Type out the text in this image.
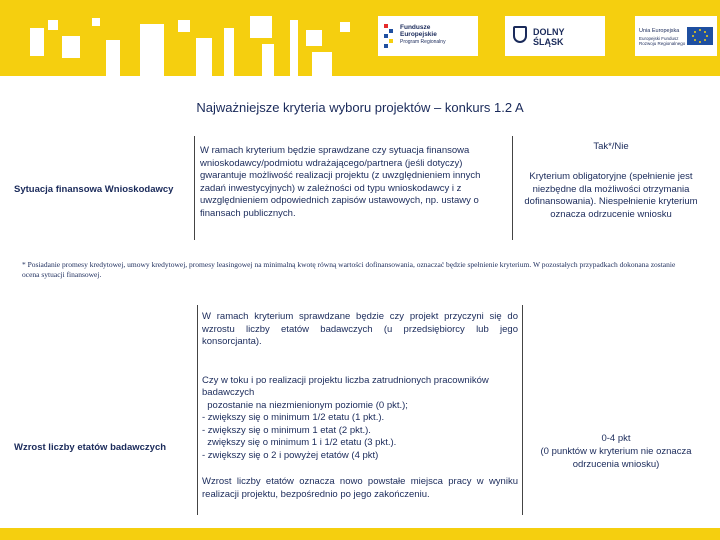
Fundusze
Europejskie
Program Regionalny
DOLNY
ŚLĄSK
Unia Europejska
Europejski Fundusz
Rozwoju Regionalnego
Najważniejsze kryteria wyboru projektów – konkurs 1.2 A
Sytuacja finansowa Wnioskodawcy
W ramach kryterium będzie sprawdzane czy sytuacja finansowa wnioskodawcy/podmiotu wdrażającego/partnera (jeśli dotyczy) gwarantuje możliwość realizacji projektu (z uwzględnieniem innych zadań inwestycyjnych) w zależności od typu wnioskodawcy i z uwzględnieniem odpowiednich zapisów ustawowych, np. ustawy o finansach publicznych.
Tak*/Nie
Kryterium obligatoryjne (spełnienie jest niezbędne dla możliwości otrzymania dofinansowania). Niespełnienie kryterium oznacza odrzucenie wniosku
* Posiadanie promesy kredytowej, umowy kredytowej, promesy leasingowej na minimalną kwotę równą wartości dofinansowania, oznaczać będzie spełnienie kryterium. W pozostałych przypadkach dokonana zostanie ocena sytuacji finansowej.
Wzrost liczby etatów badawczych
W ramach kryterium sprawdzane będzie czy projekt przyczyni się do wzrostu liczby etatów badawczych (u przedsiębiorcy lub jego konsorcjanta).
Czy w toku i po realizacji projektu liczba zatrudnionych pracowników badawczych
pozostanie na niezmienionym poziomie (0 pkt.);
- zwiększy się o minimum 1/2 etatu (1 pkt.).
- zwiększy się o minimum 1 etat (2 pkt.).
zwiększy się o minimum 1 i 1/2 etatu (3 pkt.).
- zwiększy się o 2 i powyżej etatów (4 pkt)
Wzrost liczby etatów oznacza nowo powstałe miejsca pracy w wyniku realizacji projektu, bezpośrednio po jego zakończeniu.
0-4 pkt
(0 punktów w kryterium nie oznacza odrzucenia wniosku)
